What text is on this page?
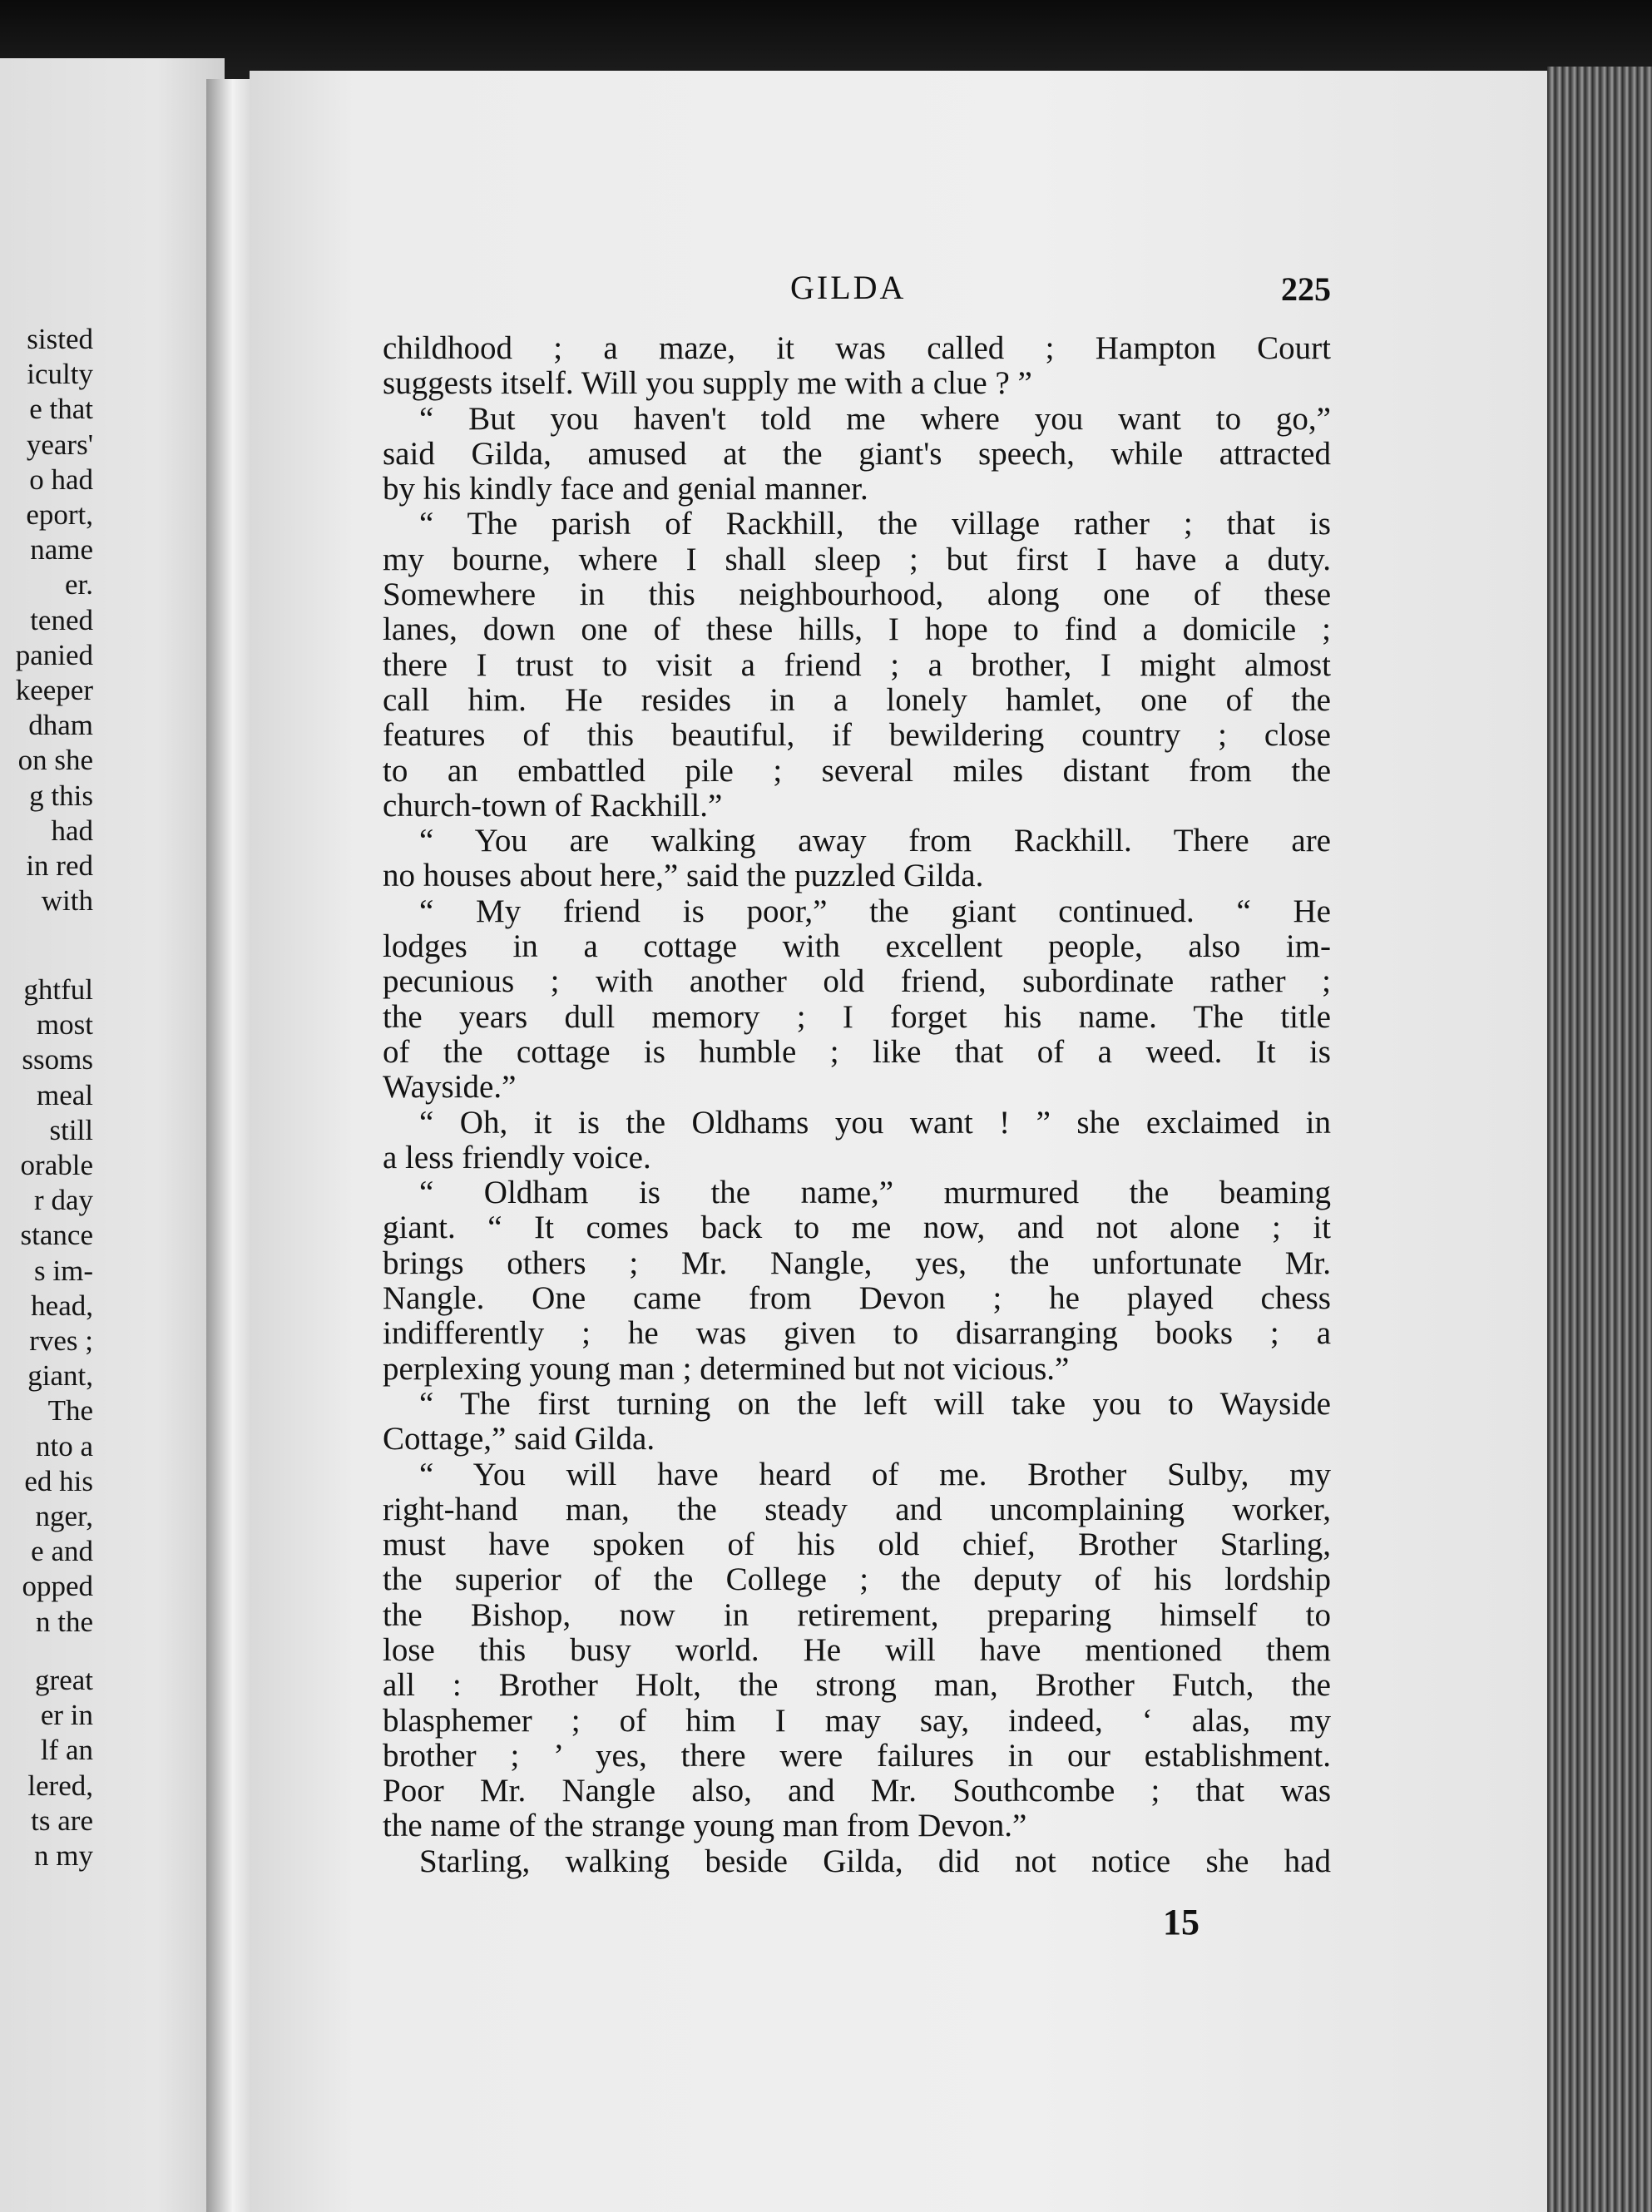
sisted
iculty
e that
years'
o had
eport,
name
er.
tened
panied
keeper
dham
on she
g this
had
in red
with
ghtful
most
ssoms
meal
still
orable
r day
stance
s im-
head,
rves ;
giant,
The
nto a
ed his
nger,
e and
opped
n the
great
er in
lf an
lered,
ts are
n my
GILDA	225
childhood ; a maze, it was called ; Hampton Court
suggests itself. Will you supply me with a clue ? ”
“ But you haven't told me where you want to go,”
said Gilda, amused at the giant's speech, while attracted
by his kindly face and genial manner.
“ The parish of Rackhill, the village rather ; that is
my bourne, where I shall sleep ; but first I have a duty.
Somewhere in this neighbourhood, along one of these
lanes, down one of these hills, I hope to find a domicile ;
there I trust to visit a friend ; a brother, I might almost
call him. He resides in a lonely hamlet, one of the
features of this beautiful, if bewildering country ; close
to an embattled pile ; several miles distant from the
church-town of Rackhill.”
“ You are walking away from Rackhill. There are
no houses about here,” said the puzzled Gilda.
“ My friend is poor,” the giant continued. “ He
lodges in a cottage with excellent people, also im-
pecunious ; with another old friend, subordinate rather ;
the years dull memory ; I forget his name. The title
of the cottage is humble ; like that of a weed. It is
Wayside.”
“ Oh, it is the Oldhams you want ! ” she exclaimed in
a less friendly voice.
“ Oldham is the name,” murmured the beaming
giant. “ It comes back to me now, and not alone ; it
brings others ; Mr. Nangle, yes, the unfortunate Mr.
Nangle. One came from Devon ; he played chess
indifferently ; he was given to disarranging books ; a
perplexing young man ; determined but not vicious.”
“ The first turning on the left will take you to Wayside
Cottage,” said Gilda.
“ You will have heard of me. Brother Sulby, my
right-hand man, the steady and uncomplaining worker,
must have spoken of his old chief, Brother Starling,
the superior of the College ; the deputy of his lordship
the Bishop, now in retirement, preparing himself to
lose this busy world. He will have mentioned them
all : Brother Holt, the strong man, Brother Futch, the
blasphemer ; of him I may say, indeed, ‘ alas, my
brother ; ’ yes, there were failures in our establishment.
Poor Mr. Nangle also, and Mr. Southcombe ; that was
the name of the strange young man from Devon.”
Starling, walking beside Gilda, did not notice she had
15
